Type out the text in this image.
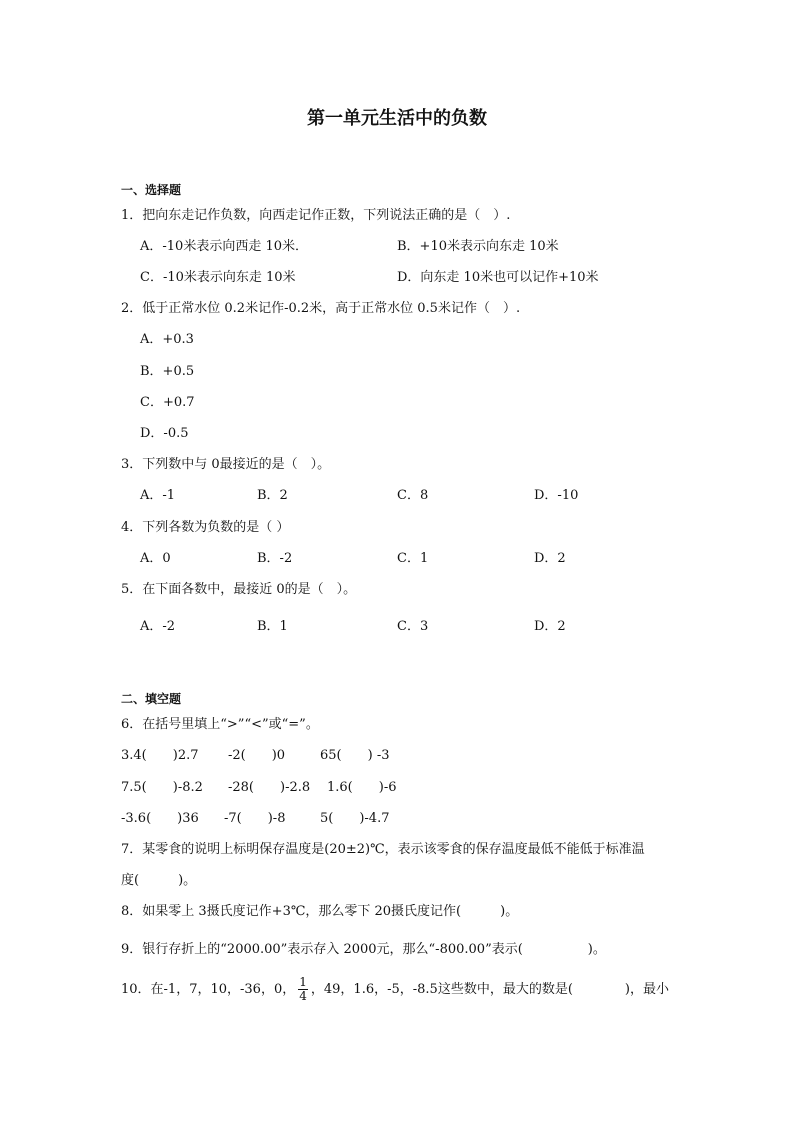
第一单元生活中的负数
一、选择题
1．把向东走记作负数，向西走记作正数，下列说法正确的是（　）.
A．-10米表示向西走 10米．	B．+10米表示向东走 10米
C．-10米表示向东走 10米	D．向东走 10米也可以记作+10米
2．低于正常水位 0.2米记作-0.2米，高于正常水位 0.5米记作（　）.
A．+0.3
B．+0.5
C．+0.7
D．-0.5
3．下列数中与 0最接近的是（　）。
A．-1	B．2	C．8	D．-10
4．下列各数为负数的是（ ）
A．0	B．-2	C．1	D．2
5．在下面各数中，最接近 0的是（　）。
A．-2	B．1	C．3	D．2
二、填空题
6．在括号里填上“>”“<”或“=”。
3.4(　　)2.7 -2(　　)0	65(　　) -3
7.5(　　)-8.2 -28(　　)-2.8 1.6(　　)-6
-3.6(　　)36 -7(　　)-8	5(　　)-4.7
7．某零食的说明上标明保存温度是(20±2)℃，表示该零食的保存温度最低不能低于标准温
度(　　　)。
8．如果零上 3摄氏度记作+3℃，那么零下 20摄氏度记作(　　　)。
9．银行存折上的“2000.00”表示存入 2000元，那么“-800.00”表示(　　　　　)。
10．在-1，7，10，-36，0， $\frac{1}{4}$ ，49，1.6，-5，-8.5这些数中，最大的数是(　　　　)，最小
